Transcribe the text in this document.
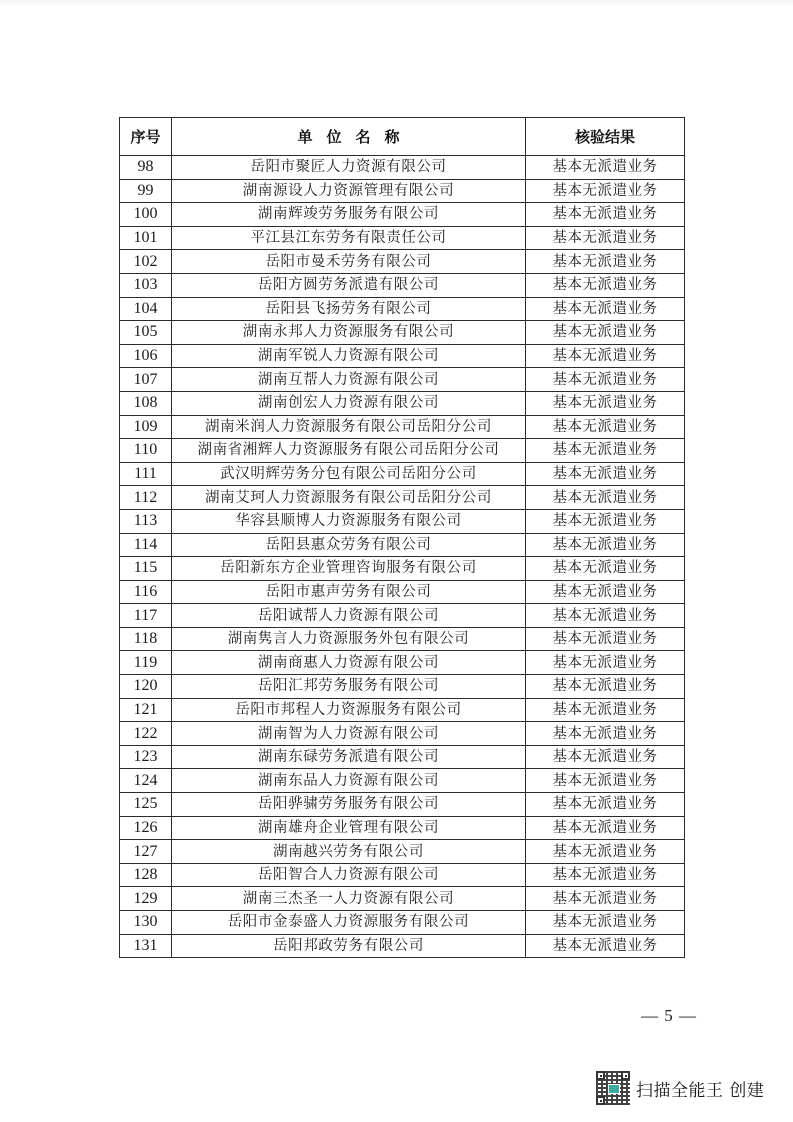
序号	单位名称	核验结果
98	岳阳市聚匠人力资源有限公司	基本无派遣业务
99	湖南源设人力资源管理有限公司	基本无派遣业务
100	湖南辉竣劳务服务有限公司	基本无派遣业务
101	平江县江东劳务有限责任公司	基本无派遣业务
102	岳阳市曼禾劳务有限公司	基本无派遣业务
103	岳阳方圆劳务派遣有限公司	基本无派遣业务
104	岳阳县飞扬劳务有限公司	基本无派遣业务
105	湖南永邦人力资源服务有限公司	基本无派遣业务
106	湖南军锐人力资源有限公司	基本无派遣业务
107	湖南互帮人力资源有限公司	基本无派遣业务
108	湖南创宏人力资源有限公司	基本无派遣业务
109	湖南米润人力资源服务有限公司岳阳分公司	基本无派遣业务
110	湖南省湘辉人力资源服务有限公司岳阳分公司	基本无派遣业务
111	武汉明辉劳务分包有限公司岳阳分公司	基本无派遣业务
112	湖南艾珂人力资源服务有限公司岳阳分公司	基本无派遣业务
113	华容县顺博人力资源服务有限公司	基本无派遣业务
114	岳阳县惠众劳务有限公司	基本无派遣业务
115	岳阳新东方企业管理咨询服务有限公司	基本无派遣业务
116	岳阳市惠声劳务有限公司	基本无派遣业务
117	岳阳诚帮人力资源有限公司	基本无派遣业务
118	湖南隽言人力资源服务外包有限公司	基本无派遣业务
119	湖南商惠人力资源有限公司	基本无派遣业务
120	岳阳汇邦劳务服务有限公司	基本无派遣业务
121	岳阳市邦程人力资源服务有限公司	基本无派遣业务
122	湖南智为人力资源有限公司	基本无派遣业务
123	湖南东碌劳务派遣有限公司	基本无派遣业务
124	湖南东品人力资源有限公司	基本无派遣业务
125	岳阳骅骕劳务服务有限公司	基本无派遣业务
126	湖南雄舟企业管理有限公司	基本无派遣业务
127	湖南越兴劳务有限公司	基本无派遣业务
128	岳阳智合人力资源有限公司	基本无派遣业务
129	湖南三杰圣一人力资源有限公司	基本无派遣业务
130	岳阳市金泰盛人力资源服务有限公司	基本无派遣业务
131	岳阳邦政劳务有限公司	基本无派遣业务
— 5 —
扫描全能王 创建
